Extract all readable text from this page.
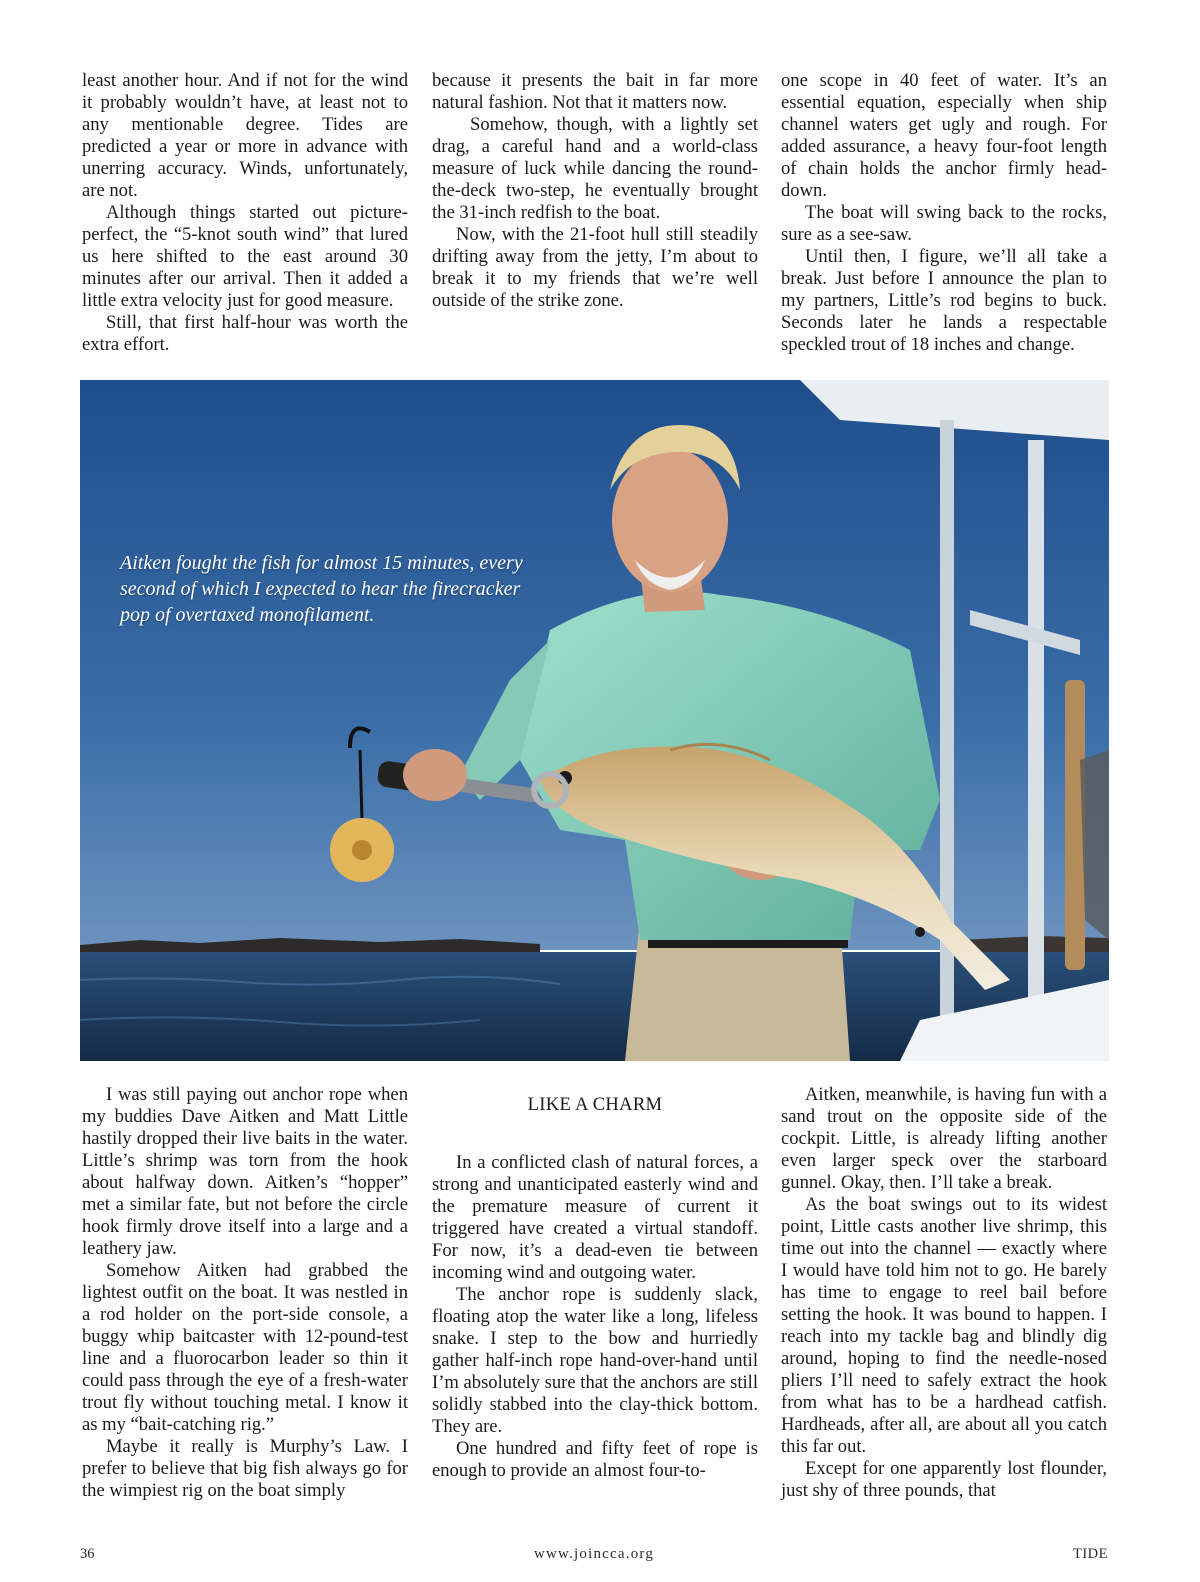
least another hour. And if not for the wind it probably wouldn’t have, at least not to any mentionable degree. Tides are predicted a year or more in advance with unerring accuracy. Winds, unfortunately, are not.

Although things started out picture-perfect, the “5-knot south wind” that lured us here shifted to the east around 30 minutes after our arrival. Then it added a little extra velocity just for good measure.

Still, that first half-hour was worth the extra effort.

because it presents the bait in far more natural fashion. Not that it matters now.

Somehow, though, with a lightly set drag, a careful hand and a world-class measure of luck while dancing the round-the-deck two-step, he eventually brought the 31-inch redfish to the boat.

Now, with the 21-foot hull still steadily drifting away from the jetty, I’m about to break it to my friends that we’re well outside of the strike zone.

one scope in 40 feet of water. It’s an essential equation, especially when ship channel waters get ugly and rough. For added assurance, a heavy four-foot length of chain holds the anchor firmly head-down.

The boat will swing back to the rocks, sure as a see-saw.

Until then, I figure, we’ll all take a break. Just before I announce the plan to my partners, Little’s rod begins to buck. Seconds later he lands a respectable speckled trout of 18 inches and change.

Aitken fought the fish for almost 15 minutes, every second of which I expected to hear the firecracker pop of overtaxed monofilament.

I was still paying out anchor rope when my buddies Dave Aitken and Matt Little hastily dropped their live baits in the water. Little’s shrimp was torn from the hook about halfway down. Aitken’s “hopper” met a similar fate, but not before the circle hook firmly drove itself into a large and a leathery jaw.

Somehow Aitken had grabbed the lightest outfit on the boat. It was nestled in a rod holder on the port-side console, a buggy whip baitcaster with 12-pound-test line and a fluorocarbon leader so thin it could pass through the eye of a fresh-water trout fly without touching metal. I know it as my “bait-catching rig.”

Maybe it really is Murphy’s Law. I prefer to believe that big fish always go for the wimpiest rig on the boat simply

LIKE A CHARM

In a conflicted clash of natural forces, a strong and unanticipated easterly wind and the premature measure of current it triggered have created a virtual standoff. For now, it’s a dead-even tie between incoming wind and outgoing water.

The anchor rope is suddenly slack, floating atop the water like a long, lifeless snake. I step to the bow and hurriedly gather half-inch rope hand-over-hand until I’m absolutely sure that the anchors are still solidly stabbed into the clay-thick bottom. They are.

One hundred and fifty feet of rope is enough to provide an almost four-to-

Aitken, meanwhile, is having fun with a sand trout on the opposite side of the cockpit. Little, is already lifting another even larger speck over the starboard gunnel. Okay, then. I’ll take a break.

As the boat swings out to its widest point, Little casts another live shrimp, this time out into the channel — exactly where I would have told him not to go. He barely has time to engage to reel bail before setting the hook. It was bound to happen. I reach into my tackle bag and blindly dig around, hoping to find the needle-nosed pliers I’ll need to safely extract the hook from what has to be a hardhead catfish. Hardheads, after all, are about all you catch this far out.

Except for one apparently lost flounder, just shy of three pounds, that

36	www.joincca.org	TIDE
